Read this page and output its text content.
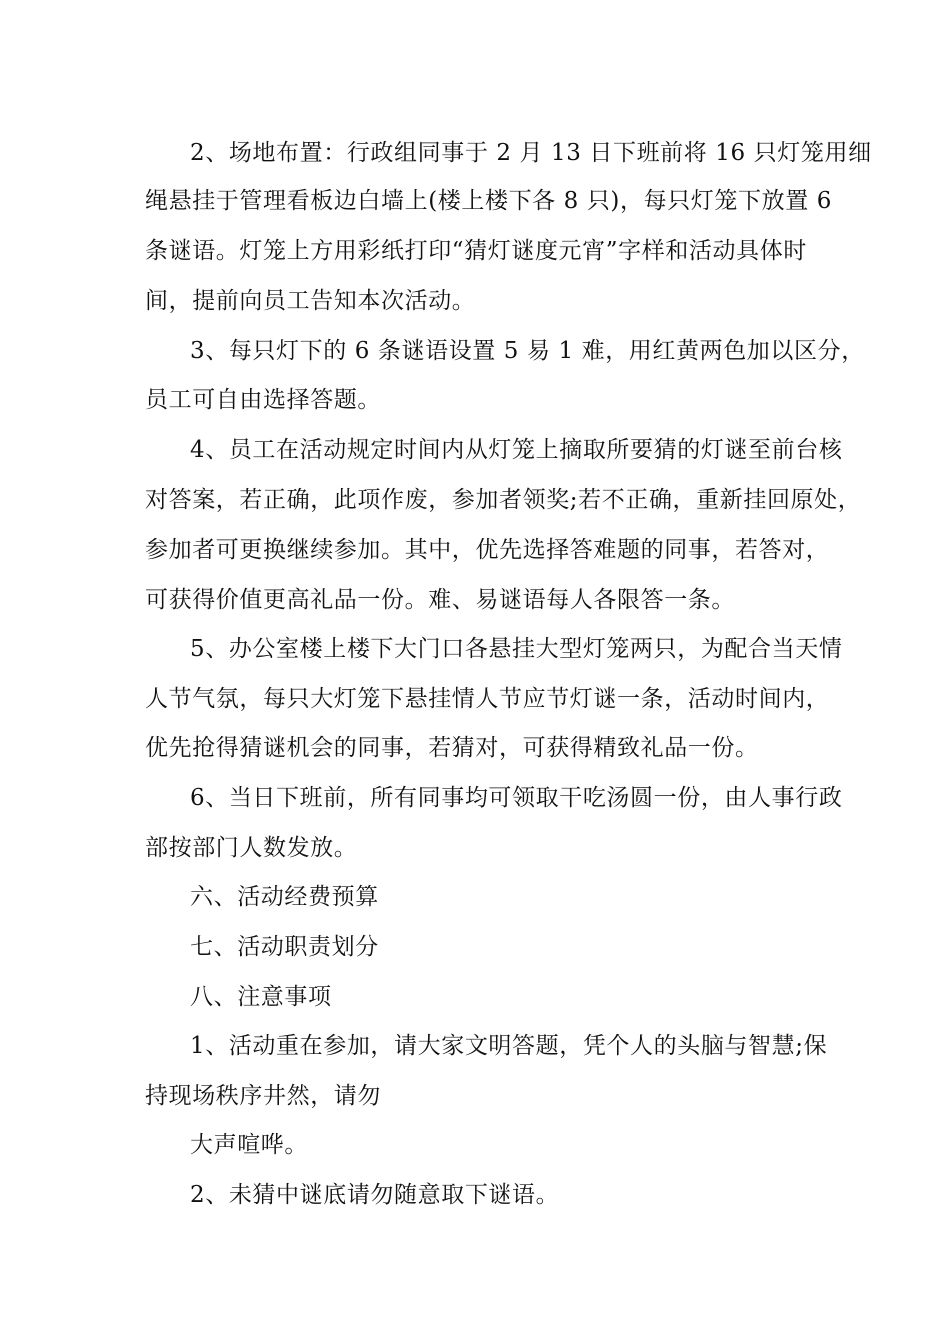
2、场地布置：行政组同事于 2 月 13 日下班前将 16 只灯笼用细
绳悬挂于管理看板边白墙上(楼上楼下各 8 只)，每只灯笼下放置 6
条谜语。灯笼上方用彩纸打印“猜灯谜度元宵”字样和活动具体时
间，提前向员工告知本次活动。
3、每只灯下的 6 条谜语设置 5 易 1 难，用红黄两色加以区分，
员工可自由选择答题。
4、员工在活动规定时间内从灯笼上摘取所要猜的灯谜至前台核
对答案，若正确，此项作废，参加者领奖;若不正确，重新挂回原处，
参加者可更换继续参加。其中，优先选择答难题的同事，若答对，
可获得价值更高礼品一份。难、易谜语每人各限答一条。
5、办公室楼上楼下大门口各悬挂大型灯笼两只，为配合当天情
人节气氛，每只大灯笼下悬挂情人节应节灯谜一条，活动时间内，
优先抢得猜谜机会的同事，若猜对，可获得精致礼品一份。
6、当日下班前，所有同事均可领取干吃汤圆一份，由人事行政
部按部门人数发放。
六、活动经费预算
七、活动职责划分
八、注意事项
1、活动重在参加，请大家文明答题，凭个人的头脑与智慧;保
持现场秩序井然，请勿
大声喧哗。
2、未猜中谜底请勿随意取下谜语。
